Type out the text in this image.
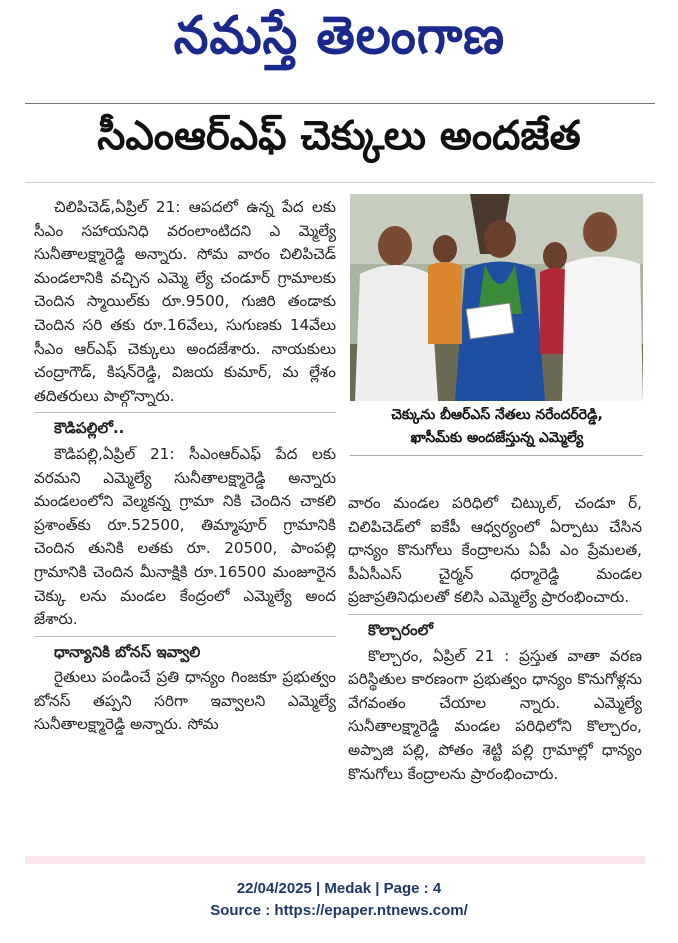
నమస్తే తెలంగాణ
సీఎంఆర్‌ఎఫ్ చెక్కులు అందజేత

చిలిపిచెడ్,ఏప్రిల్ 21: ఆపదలో ఉన్న పేద లకు సీఎం సహాయనిధి వరంలాంటిదని ఎ మ్మెల్యే సునీతాలక్ష్మారెడ్డి అన్నారు. సోమ వారం చిలిపిచెడ్ మండలానికి వచ్చిన ఎమ్మె ల్యే చండూర్ గ్రామాలకు చెందిన స్మాయిల్‌కు రూ.9500, గుజిరి తండాకు చెందిన సరి తకు రూ.16వేలు, సుగుణకు 14వేలు సీఎం ఆర్‌ఎఫ్ చెక్కులు అందజేశారు. నాయకులు చంద్రాగౌడ్, కిషన్‌రెడ్డి, విజయ కుమార్, మ ల్లేశం తదితరులు పాల్గొన్నారు.

కౌడిపల్లిలో..

కౌడిపల్లి,ఏప్రిల్ 21: సీఎంఆర్‌ఎఫ్ పేద లకు వరమని ఎమ్మెల్యే సునీతాలక్ష్మారెడ్డి అన్నారు మండలంలోని వెల్మకన్న గ్రామా నికి చెందిన చాకలి ప్రశాంత్‌కు రూ.52500, తిమ్మాపూర్ గ్రామానికి చెందిన తునికి లతకు రూ. 20500, పాంపల్లి గ్రామానికి చెందిన మీనాక్షికి రూ.16500 మంజూరైన చెక్కు లను మండల కేంద్రంలో ఎమ్మెల్యే అంద జేశారు.

ధాన్యానికి బోనస్ ఇవ్వాలి

రైతులు పండించే ప్రతి ధాన్యం గింజకూ ప్రభుత్వం బోనస్ తప్పని సరిగా ఇవ్వాలని ఎమ్మెల్యే సునీతాలక్ష్మారెడ్డి అన్నారు. సోమ

చెక్కును బీఆర్‌ఎస్ నేతలు నరేందర్‌రెడ్డి,
ఖాసీమ్‌కు అందజేస్తున్న ఎమ్మెల్యే

వారం మండల పరిధిలో చిట్కుల్, చండూ ర్, చిలిపిచెడ్‌లో ఐకేపీ ఆధ్వర్యంలో ఏర్పాటు చేసిన ధాన్యం కొనుగోలు కేంద్రాలను ఏపీ ఎం ప్రేమలత, పీఏసీఎస్ చైర్మన్ ధర్మారెడ్డి మండల ప్రజాప్రతినిధులతో కలిసి ఎమ్మెల్యే ప్రారంభించారు.

కొల్చారంలో

కొల్చారం, ఏప్రిల్ 21 : ప్రస్తుత వాతా వరణ పరిస్థితుల కారణంగా ప్రభుత్వం ధాన్యం కొనుగోళ్లను వేగవంతం చేయాల న్నారు. ఎమ్మెల్యే సునీతాలక్ష్మారెడ్డి మండల పరిధిలోని కొల్చారం, అప్పాజి పల్లి, పోతం శెట్టి పల్లి గ్రామాల్లో ధాన్యం కొనుగోలు కేంద్రాలను ప్రారంభించారు.

22/04/2025 | Medak | Page : 4
Source : https://epaper.ntnews.com/
